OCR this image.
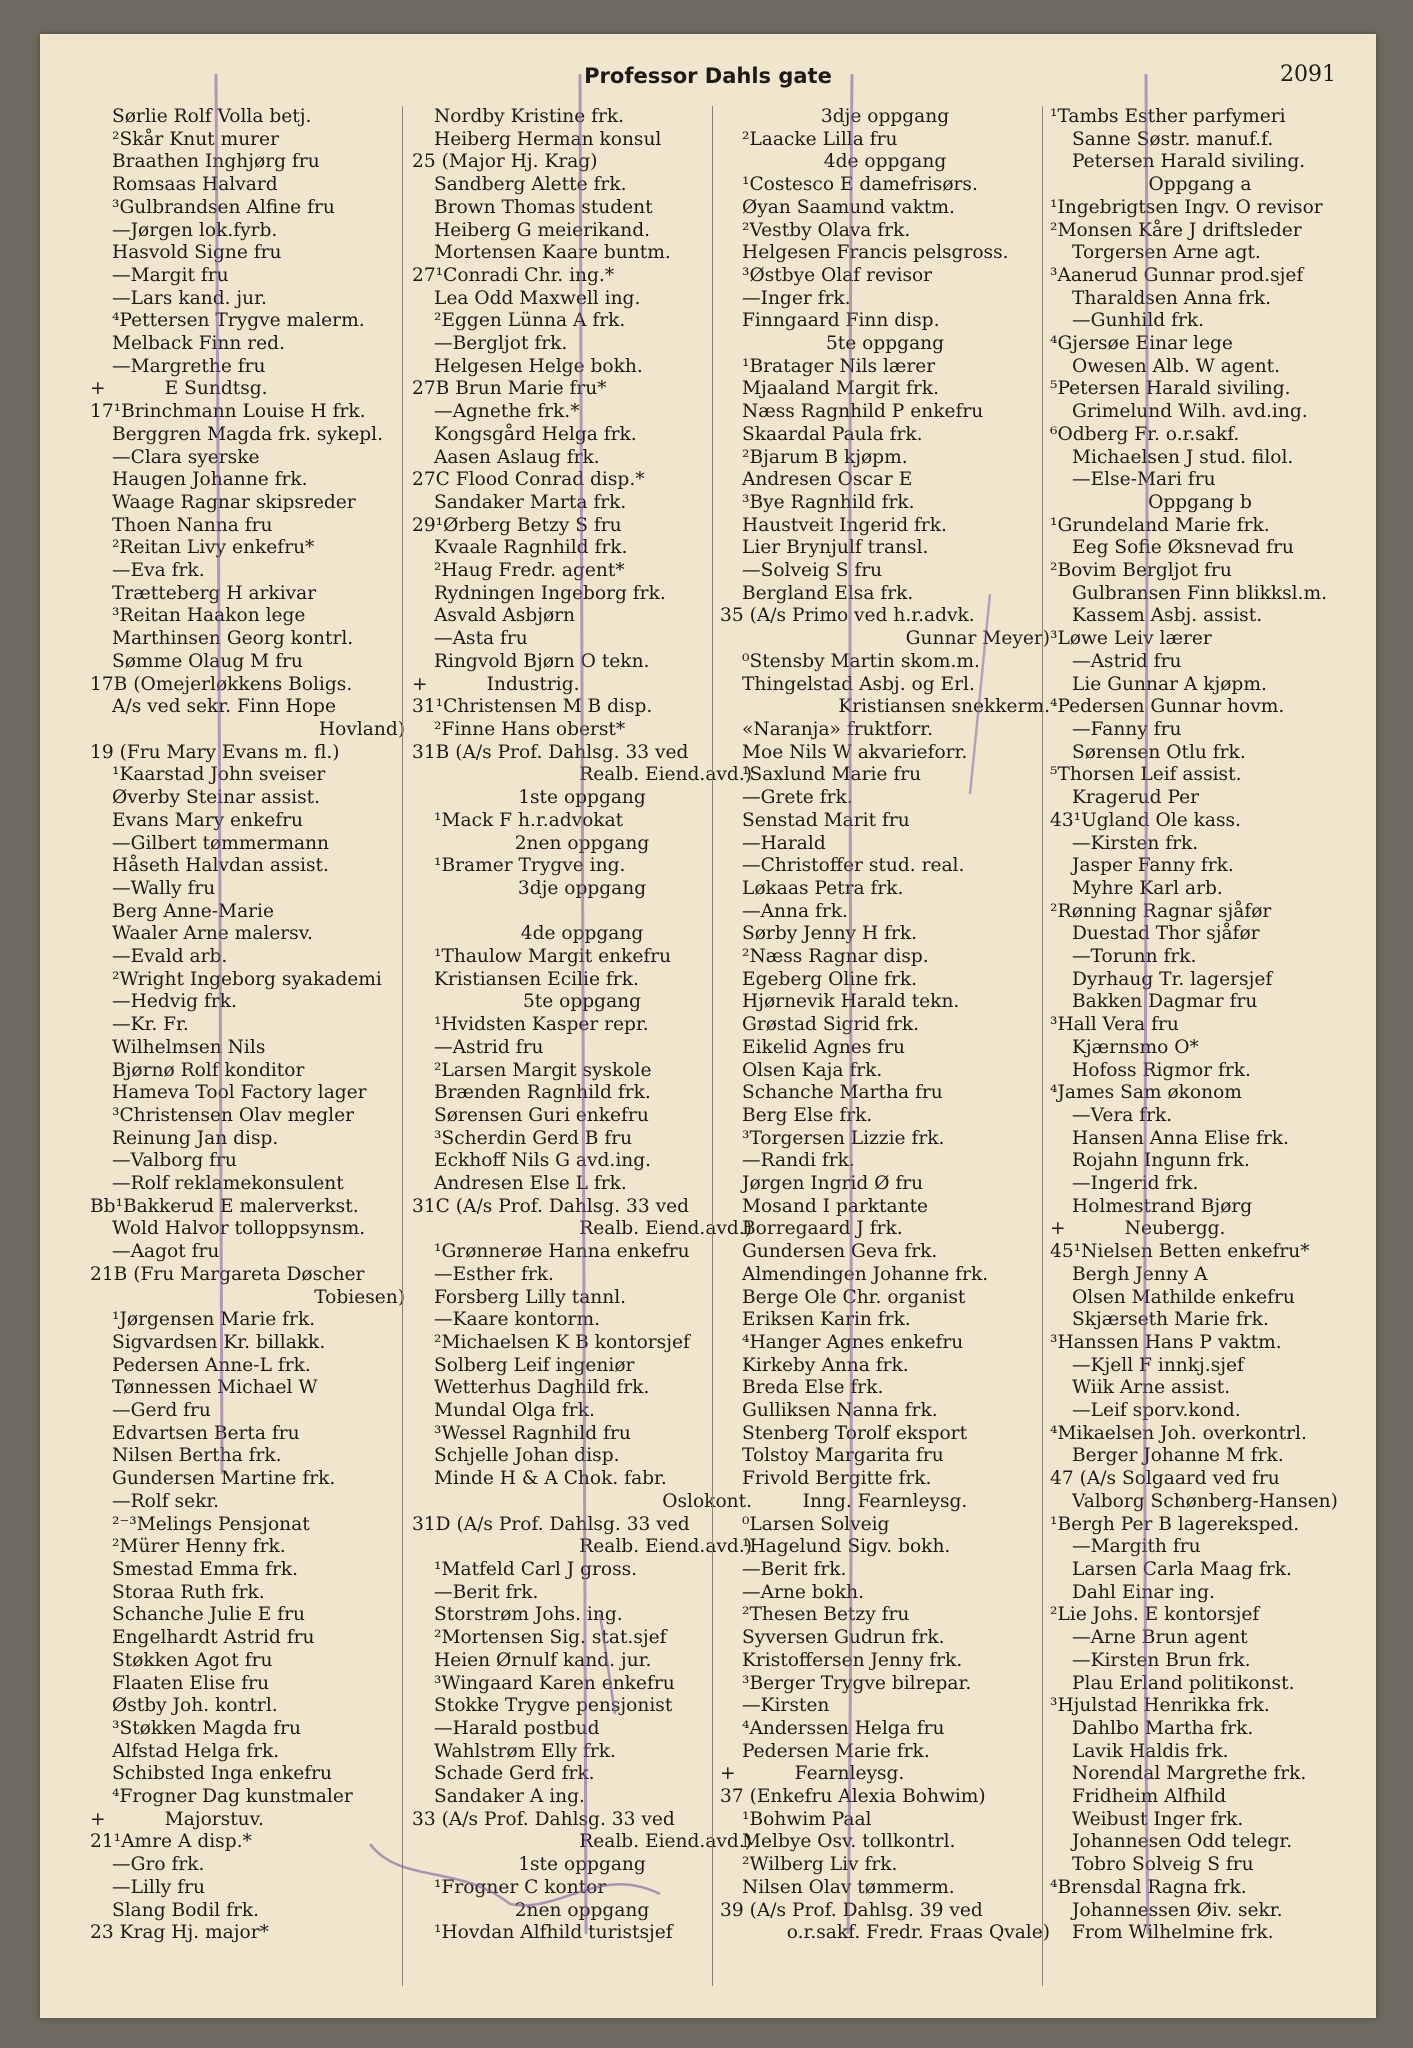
Professor Dahls gate	2091
Sørlie Rolf Volla betj.
²Skår Knut murer
Braathen Inghjørg fru
Romsaas Halvard
³Gulbrandsen Alfine fru
—Jørgen lok.fyrb.
Hasvold Signe fru
—Margit fru
—Lars kand. jur.
⁴Pettersen Trygve malerm.
Melback Finn red.
—Margrethe fru
+          E Sundtsg.
17¹Brinchmann Louise H frk.
Berggren Magda frk. sykepl.
—Clara syerske
Haugen Johanne frk.
Waage Ragnar skipsreder
Thoen Nanna fru
²Reitan Livy enkefru*
—Eva frk.
Trætteberg H arkivar
³Reitan Haakon lege
Marthinsen Georg kontrl.
Sømme Olaug M fru
17B (Omejerløkkens Boligs.
A/s ved sekr. Finn Hope
Hovland)
19 (Fru Mary Evans m. fl.)
¹Kaarstad John sveiser
Øverby Steinar assist.
Evans Mary enkefru
—Gilbert tømmermann
Håseth Halvdan assist.
—Wally fru
Berg Anne-Marie
Waaler Arne malersv.
—Evald arb.
²Wright Ingeborg syakademi
—Hedvig frk.
—Kr. Fr.
Wilhelmsen Nils
Bjørnø Rolf konditor
Hameva Tool Factory lager
³Christensen Olav megler
Reinung Jan disp.
—Valborg fru
—Rolf reklamekonsulent
Bb¹Bakkerud E malerverkst.
Wold Halvor tolloppsynsm.
—Aagot fru
21B (Fru Margareta Døscher
Tobiesen)
¹Jørgensen Marie frk.
Sigvardsen Kr. billakk.
Pedersen Anne-L frk.
Tønnessen Michael W
—Gerd fru
Edvartsen Berta fru
Nilsen Bertha frk.
Gundersen Martine frk.
—Rolf sekr.
²⁻³Melings Pensjonat
²Mürer Henny frk.
Smestad Emma frk.
Storaa Ruth frk.
Schanche Julie E fru
Engelhardt Astrid fru
Støkken Agot fru
Flaaten Elise fru
Østby Joh. kontrl.
³Støkken Magda fru
Alfstad Helga frk.
Schibsted Inga enkefru
⁴Frogner Dag kunstmaler
+          Majorstuv.
21¹Amre A disp.*
—Gro frk.
—Lilly fru
Slang Bodil frk.
23 Krag Hj. major*
Nordby Kristine frk.
Heiberg Herman konsul
25 (Major Hj. Krag)
Sandberg Alette frk.
Brown Thomas student
Heiberg G meierikand.
Mortensen Kaare buntm.
27¹Conradi Chr. ing.*
Lea Odd Maxwell ing.
²Eggen Lünna A frk.
—Bergljot frk.
Helgesen Helge bokh.
27B Brun Marie fru*
—Agnethe frk.*
Kongsgård Helga frk.
Aasen Aslaug frk.
27C Flood Conrad disp.*
Sandaker Marta frk.
29¹Ørberg Betzy S fru
Kvaale Ragnhild frk.
²Haug Fredr. agent*
Rydningen Ingeborg frk.
Asvald Asbjørn
—Asta fru
Ringvold Bjørn O tekn.
+          Industrig.
31¹Christensen M B disp.
²Finne Hans oberst*
31B (A/s Prof. Dahlsg. 33 ved
Realb. Eiend.avd.)
1ste oppgang
¹Mack F h.r.advokat
2nen oppgang
¹Bramer Trygve ing.
3dje oppgang

4de oppgang
¹Thaulow Margit enkefru
Kristiansen Ecilie frk.
5te oppgang
¹Hvidsten Kasper repr.
—Astrid fru
²Larsen Margit syskole
Brænden Ragnhild frk.
Sørensen Guri enkefru
³Scherdin Gerd B fru
Eckhoff Nils G avd.ing.
Andresen Else L frk.
31C (A/s Prof. Dahlsg. 33 ved
Realb. Eiend.avd.)
¹Grønnerøe Hanna enkefru
—Esther frk.
Forsberg Lilly tannl.
—Kaare kontorm.
²Michaelsen K B kontorsjef
Solberg Leif ingeniør
Wetterhus Daghild frk.
Mundal Olga frk.
³Wessel Ragnhild fru
Schjelle Johan disp.
Minde H & A Chok. fabr.
Oslokont.
31D (A/s Prof. Dahlsg. 33 ved
Realb. Eiend.avd.)
¹Matfeld Carl J gross.
—Berit frk.
Storstrøm Johs. ing.
²Mortensen Sig. stat.sjef
Heien Ørnulf kand. jur.
³Wingaard Karen enkefru
Stokke Trygve pensjonist
—Harald postbud
Wahlstrøm Elly frk.
Schade Gerd frk.
Sandaker A ing.
33 (A/s Prof. Dahlsg. 33 ved
Realb. Eiend.avd.)
1ste oppgang
¹Frogner C kontor
2nen oppgang
¹Hovdan Alfhild turistsjef
3dje oppgang
²Laacke Lilla fru
4de oppgang
¹Costesco E damefrisørs.
Øyan Saamund vaktm.
²Vestby Olava frk.
Helgesen Francis pelsgross.
³Østbye Olaf revisor
—Inger frk.
Finngaard Finn disp.
5te oppgang
¹Bratager Nils lærer
Mjaaland Margit frk.
Næss Ragnhild P enkefru
Skaardal Paula frk.
²Bjarum B kjøpm.
Andresen Oscar E
³Bye Ragnhild frk.
Haustveit Ingerid frk.
Lier Brynjulf transl.
—Solveig S fru
Bergland Elsa frk.
35 (A/s Primo ved h.r.advk.
Gunnar Meyer)
⁰Stensby Martin skom.m.
Thingelstad Asbj. og Erl.
Kristiansen snekkerm.
«Naranja» fruktforr.
Moe Nils W akvarieforr.
¹Saxlund Marie fru
—Grete frk.
Senstad Marit fru
—Harald
—Christoffer stud. real.
Løkaas Petra frk.
—Anna frk.
Sørby Jenny H frk.
²Næss Ragnar disp.
Egeberg Oline frk.
Hjørnevik Harald tekn.
Grøstad Sigrid frk.
Eikelid Agnes fru
Olsen Kaja frk.
Schanche Martha fru
Berg Else frk.
³Torgersen Lizzie frk.
—Randi frk.
Jørgen Ingrid Ø fru
Mosand I parktante
Borregaard J frk.
Gundersen Geva frk.
Almendingen Johanne frk.
Berge Ole Chr. organist
Eriksen Karin frk.
⁴Hanger Agnes enkefru
Kirkeby Anna frk.
Breda Else frk.
Gulliksen Nanna frk.
Stenberg Torolf eksport
Tolstoy Margarita fru
Frivold Bergitte frk.
Inng. Fearnleysg.
⁰Larsen Solveig
¹Hagelund Sigv. bokh.
—Berit frk.
—Arne bokh.
²Thesen Betzy fru
Syversen Gudrun frk.
Kristoffersen Jenny frk.
³Berger Trygve bilrepar.
—Kirsten
⁴Anderssen Helga fru
Pedersen Marie frk.
+          Fearnleysg.
37 (Enkefru Alexia Bohwim)
¹Bohwim Paal
Melbye Osv. tollkontrl.
²Wilberg Liv frk.
Nilsen Olav tømmerm.
39 (A/s Prof. Dahlsg. 39 ved
o.r.sakf. Fredr. Fraas Qvale)
¹Tambs Esther parfymeri
Sanne Søstr. manuf.f.
Petersen Harald siviling.
Oppgang a
¹Ingebrigtsen Ingv. O revisor
²Monsen Kåre J driftsleder
Torgersen Arne agt.
³Aanerud Gunnar prod.sjef
Tharaldsen Anna frk.
—Gunhild frk.
⁴Gjersøe Einar lege
Owesen Alb. W agent.
⁵Petersen Harald siviling.
Grimelund Wilh. avd.ing.
⁶Odberg Fr. o.r.sakf.
Michaelsen J stud. filol.
—Else-Mari fru
Oppgang b
¹Grundeland Marie frk.
Eeg Sofie Øksnevad fru
²Bovim Bergljot fru
Gulbransen Finn blikksl.m.
Kassem Asbj. assist.
³Løwe Leiv lærer
—Astrid fru
Lie Gunnar A kjøpm.
⁴Pedersen Gunnar hovm.
—Fanny fru
Sørensen Otlu frk.
⁵Thorsen Leif assist.
Kragerud Per
43¹Ugland Ole kass.
—Kirsten frk.
Jasper Fanny frk.
Myhre Karl arb.
²Rønning Ragnar sjåfør
Duestad Thor sjåfør
—Torunn frk.
Dyrhaug Tr. lagersjef
Bakken Dagmar fru
³Hall Vera fru
Kjærnsmo O*
Hofoss Rigmor frk.
⁴James Sam økonom
—Vera frk.
Hansen Anna Elise frk.
Rojahn Ingunn frk.
—Ingerid frk.
Holmestrand Bjørg
+          Neubergg.
45¹Nielsen Betten enkefru*
Bergh Jenny A
Olsen Mathilde enkefru
Skjærseth Marie frk.
³Hanssen Hans P vaktm.
—Kjell F innkj.sjef
Wiik Arne assist.
—Leif sporv.kond.
⁴Mikaelsen Joh. overkontrl.
Berger Johanne M frk.
47 (A/s Solgaard ved fru
Valborg Schønberg-Hansen)
¹Bergh Per B lagereksped.
—Margith fru
Larsen Carla Maag frk.
Dahl Einar ing.
²Lie Johs. E kontorsjef
—Arne Brun agent
—Kirsten Brun frk.
Plau Erland politikonst.
³Hjulstad Henrikka frk.
Dahlbo Martha frk.
Lavik Haldis frk.
Norendal Margrethe frk.
Fridheim Alfhild
Weibust Inger frk.
Johannesen Odd telegr.
Tobro Solveig S fru
⁴Brensdal Ragna frk.
Johannessen Øiv. sekr.
From Wilhelmine frk.
